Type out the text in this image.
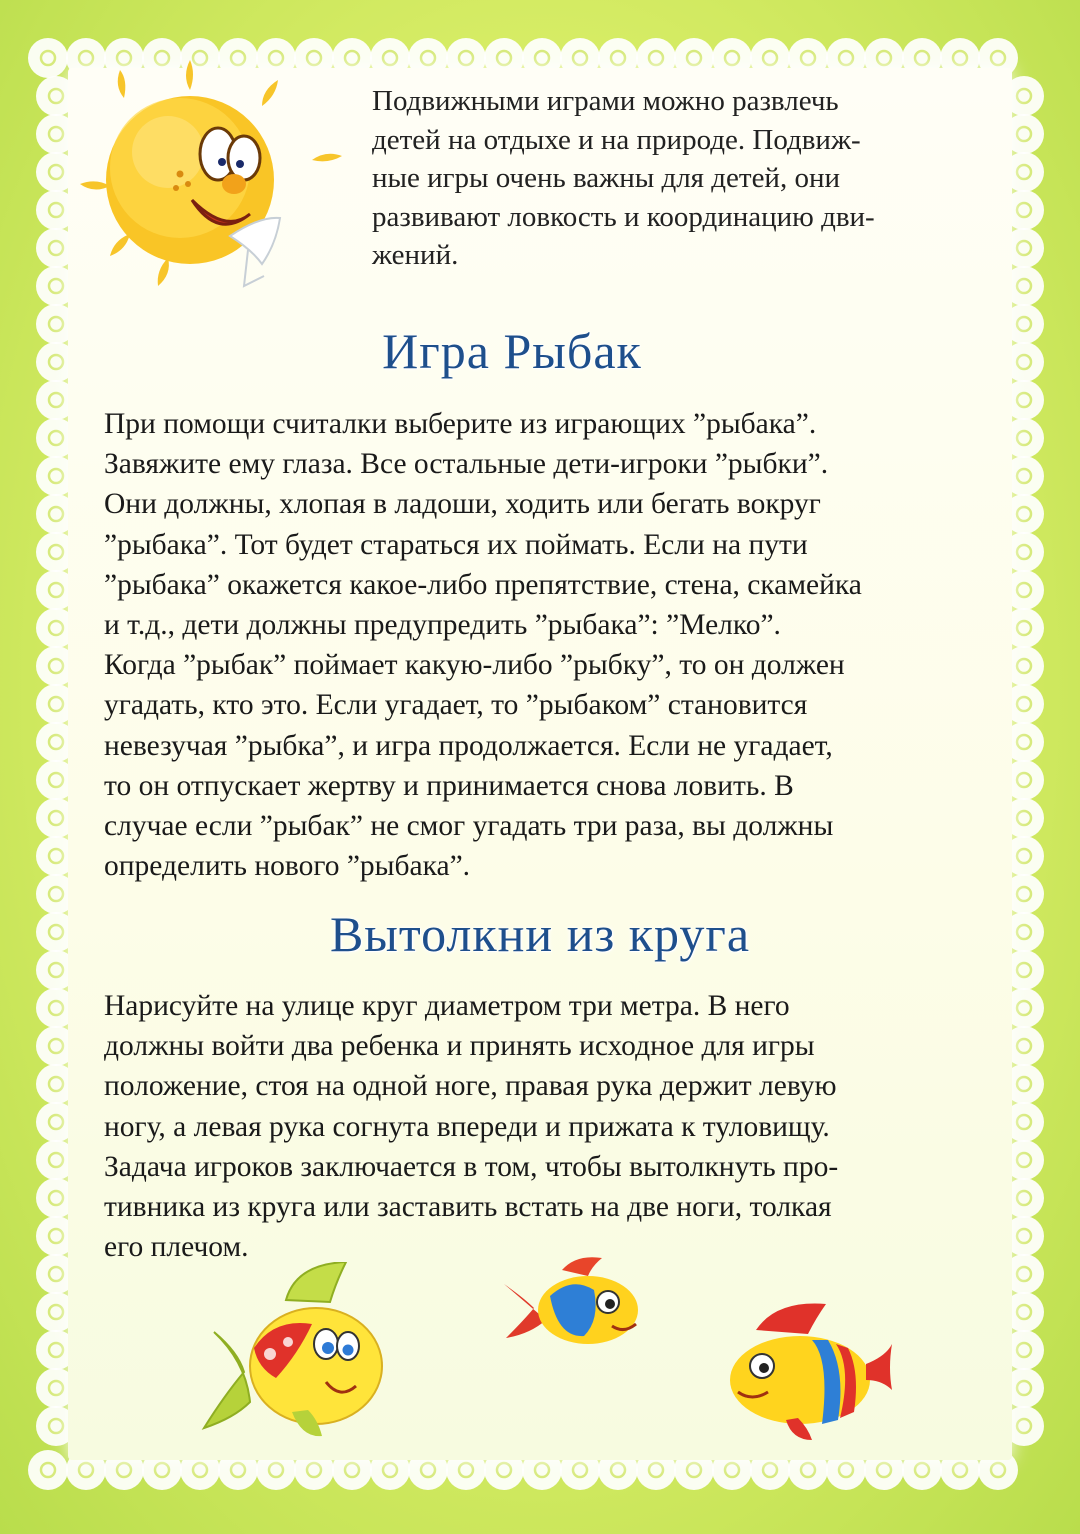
Подвижными играми можно развлечь
детей на отдыхе и на природе. Подвиж-
ные игры очень важны для детей, они
развивают ловкость и координацию дви-
жений.

Игра Рыбак

При помощи считалки выберите из играющих ”рыбака”.
Завяжите ему глаза. Все остальные дети-игроки ”рыбки”.
Они должны, хлопая в ладоши, ходить или бегать вокруг
”рыбака”. Тот будет стараться их поймать. Если на пути
”рыбака” окажется какое-либо препятствие, стена, скамейка
и т.д., дети должны предупредить ”рыбака”: ”Мелко”.
Когда ”рыбак” поймает какую-либо ”рыбку”, то он должен
угадать, кто это. Если угадает, то ”рыбаком” становится
невезучая ”рыбка”, и игра продолжается. Если не угадает,
то он отпускает жертву и принимается снова ловить. В
случае если ”рыбак” не смог угадать три раза, вы должны
определить нового ”рыбака”.

Вытолкни из круга

Нарисуйте на улице круг диаметром три метра. В него
должны войти два ребенка и принять исходное для игры
положение, стоя на одной ноге, правая рука держит левую
ногу, а левая рука согнута впереди и прижата к туловищу.
Задача игроков заключается в том, чтобы вытолкнуть про-
тивника из круга или заставить встать на две ноги, толкая
его плечом.
